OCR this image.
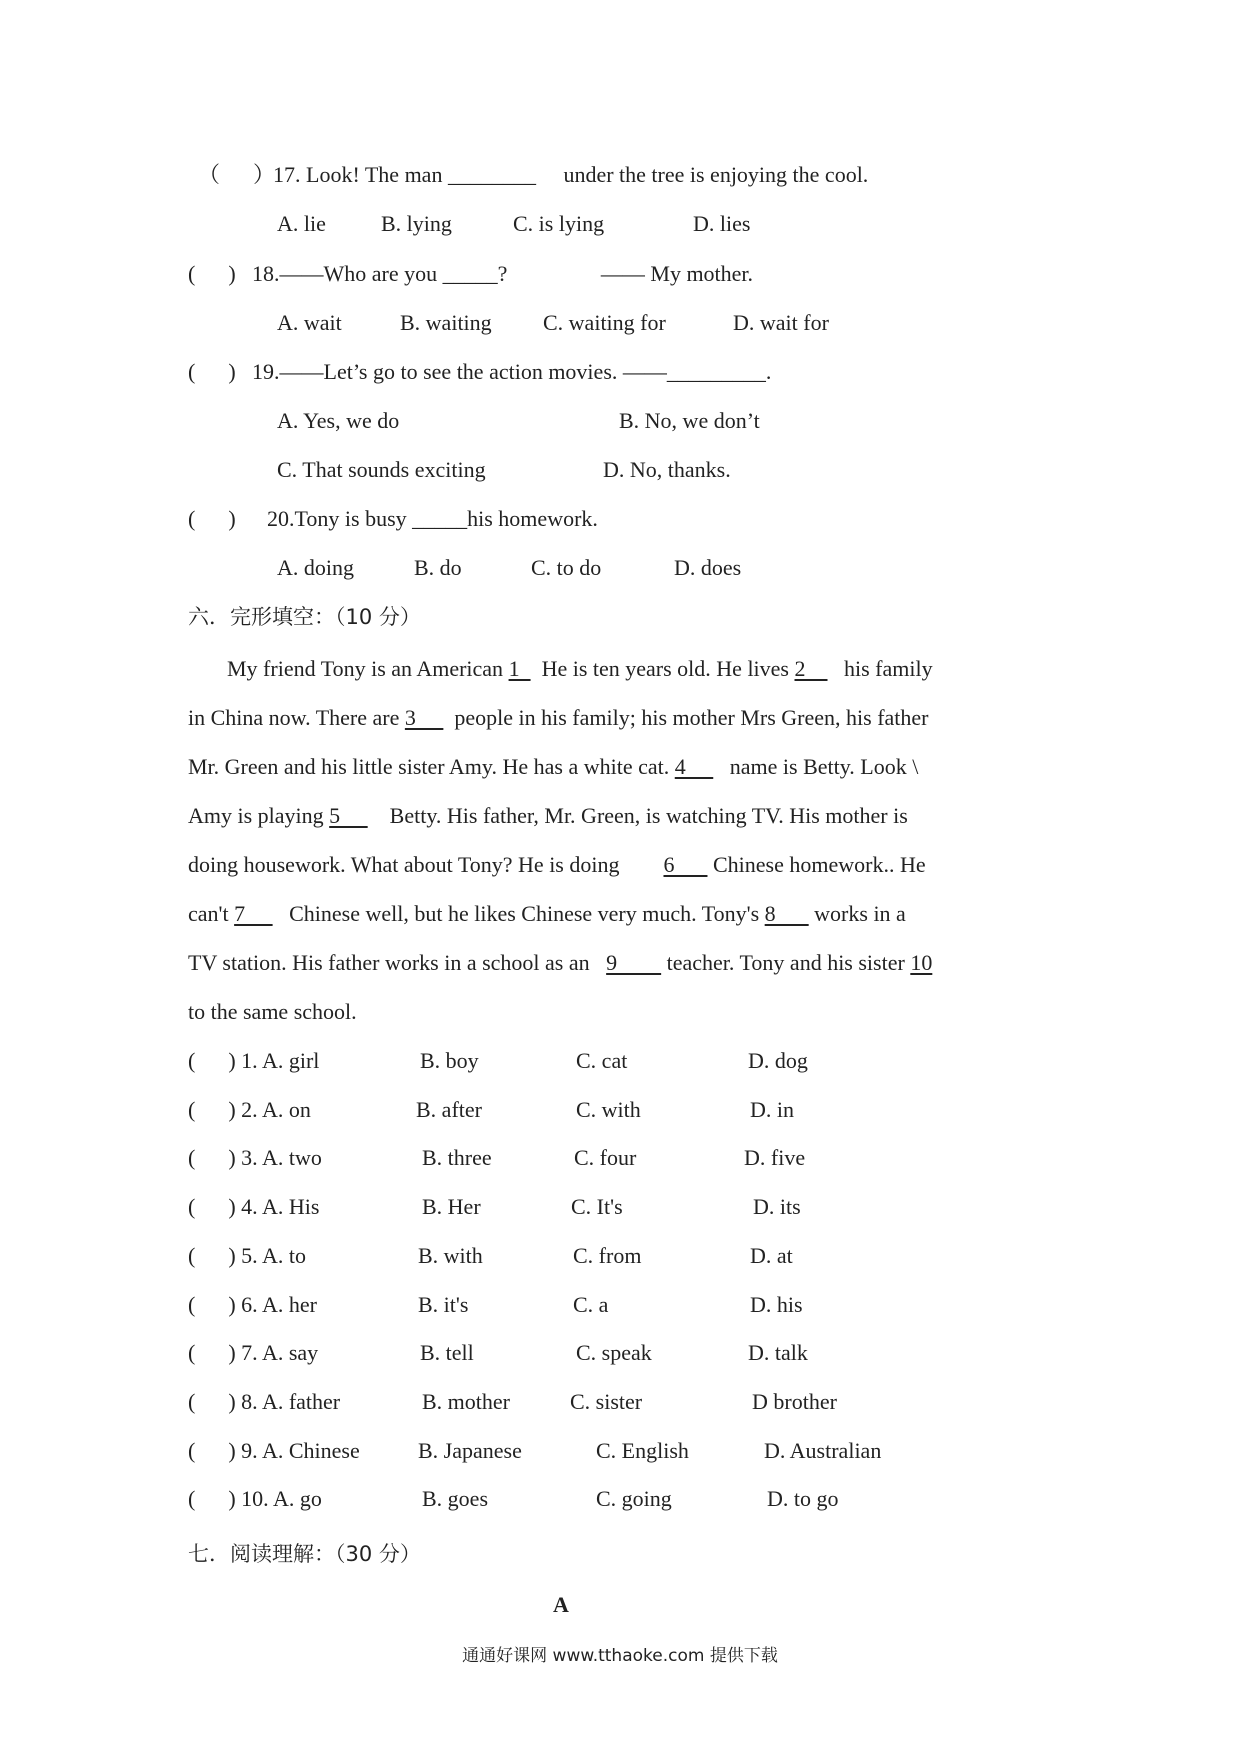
（      ）
17. Look! The man ________     under the tree is enjoying the cool.
A. lie	B. lying	C. is lying	D. lies
(      ) 18.——Who are you _____?                 —— My mother.
A. wait	B. waiting C. waiting for	D. wait for
(      ) 19.——Let’s go to see the action movies. ——_________.
A. Yes, we do	B. No, we don’t
C. That sounds exciting	D. No, thanks.
(      ) 20.Tony is busy _____his homework.
A. doing	B. do	C. to do	D. does
六．完形填空：（10 分）
My friend Tony is an American 1    He is ten years old. He lives 2       his family
in China now. There are 3       people in his family; his mother Mrs Green, his father
Mr. Green and his little sister Amy. He has a white cat. 4        name is Betty. Look \
Amy is playing 5         Betty. His father, Mr. Green, is watching TV. His mother is
doing housework. What about Tony? He is doing        6       Chinese homework.. He
can't 7        Chinese well, but he likes Chinese very much. Tony's 8       works in a
TV station. His father works in a school as an   9         teacher. Tony and his sister 10
to the same school.
(      ) 1. A. girl	B. boy	C. cat	D. dog
(      ) 2. A. on	B. after	C. with	D. in
(      ) 3. A. two	B. three	C. four	D. five
(      ) 4. A. His	B. Her	C. It's	D. its
(      ) 5. A. to	B. with	C. from	D. at
(      ) 6. A. her	B. it's	C. a	D. his
(      ) 7. A. say	B. tell	C. speak	D. talk
(      ) 8. A. father	B. mother	C. sister	D brother
(      ) 9. A. Chinese	B. Japanese	C. English	D. Australian
(      ) 10. A. go	B. goes	C. going	D. to go
七．阅读理解：（30 分）
A
通通好课网 www.tthaoke.com 提供下载
